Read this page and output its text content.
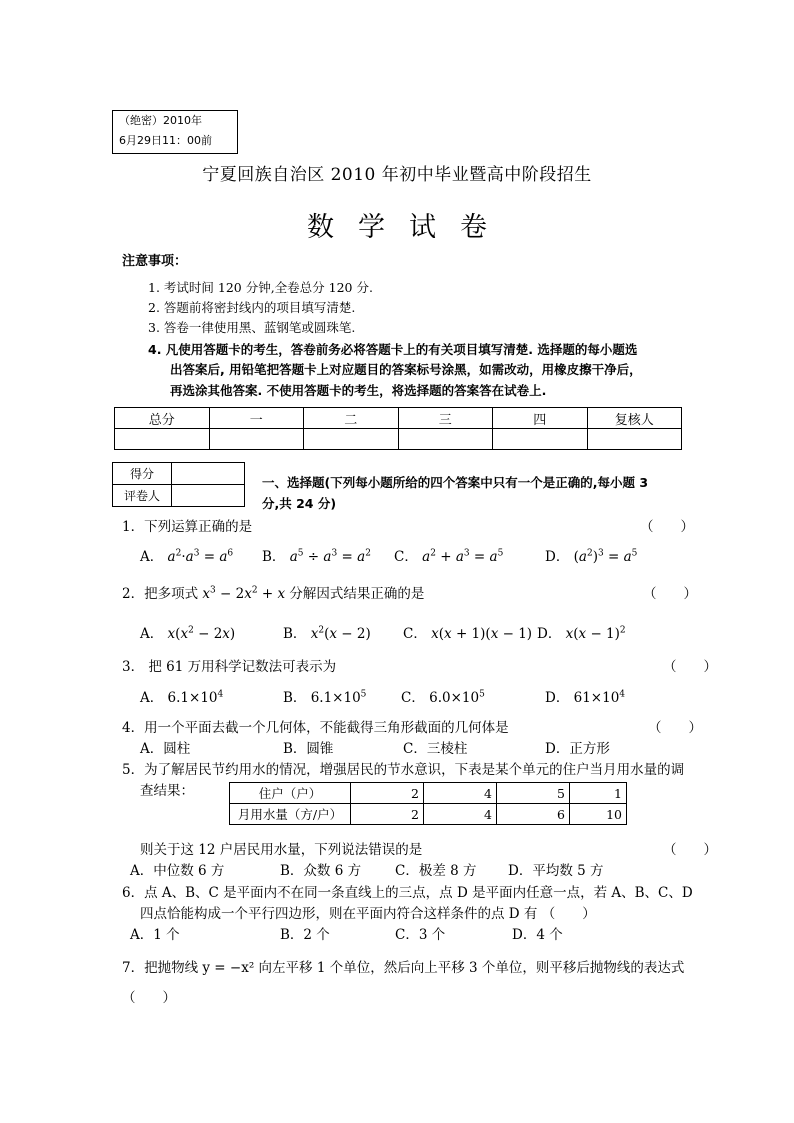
（绝密）2010年
6月29日11：00前
宁夏回族自治区 2010 年初中毕业暨高中阶段招生
数学试卷
注意事项：
1. 考试时间 120 分钟,全卷总分 120 分.
2. 答题前将密封线内的项目填写清楚.
3. 答卷一律使用黑、蓝钢笔或圆珠笔.
4. 凡使用答题卡的考生，答卷前务必将答题卡上的有关项目填写清楚. 选择题的每小题选
出答案后, 用铅笔把答题卡上对应题目的答案标号涂黑，如需改动，用橡皮擦干净后，
再选涂其他答案. 不使用答题卡的考生，将选择题的答案答在试卷上.
总分	一	二	三	四	复核人

得分	
评卷人	
一、选择题(下列每小题所给的四个答案中只有一个是正确的,每小题 3
分,共 24 分)
1．下列运算正确的是	（　　）
A． $a^2\cdot a^3 = a^6$ B． $a^5 \div a^3 = a^2$ C． $a^2 + a^3 = a^5$	D． $(a^2)^3 = a^5$
2．把多项式 $x^3 - 2x^2 + x$ 分解因式结果正确的是	（　　）
A． $x(x^2 - 2x)$	B． $x^2(x - 2)$ C． x(x + 1)(x − 1) D． $x(x - 1)^2$
3． 把 61 万用科学记数法可表示为	（　　）
A． $6.1\times 10^4$	B． $6.1\times 10^5$	C． $6.0\times 10^5$	D． $61\times 10^4$
4．用一个平面去截一个几何体，不能截得三角形截面的几何体是	（　　）
A．圆柱	B．圆锥	C．三棱柱	D．正方形
5．为了解居民节约用水的情况，增强居民的节水意识，下表是某个单元的住户当月用水量的调
查结果：	住户（户）	2	4	5	1
月用水量（方/户）	2	4	6	10
则关于这 12 户居民用水量，下列说法错误的是	（　　）
A．中位数 6 方	B．众数 6 方	C．极差 8 方 D．平均数 5 方
6．点 A、B、C 是平面内不在同一条直线上的三点，点 D 是平面内任意一点，若 A、B、C、D
四点恰能构成一个平行四边形，则在平面内符合这样条件的点 D 有 （　　）
A．1 个	B．2 个	C．3 个	D．4 个
7．把抛物线 y = −x² 向左平移 1 个单位，然后向上平移 3 个单位，则平移后抛物线的表达式
（　　）
